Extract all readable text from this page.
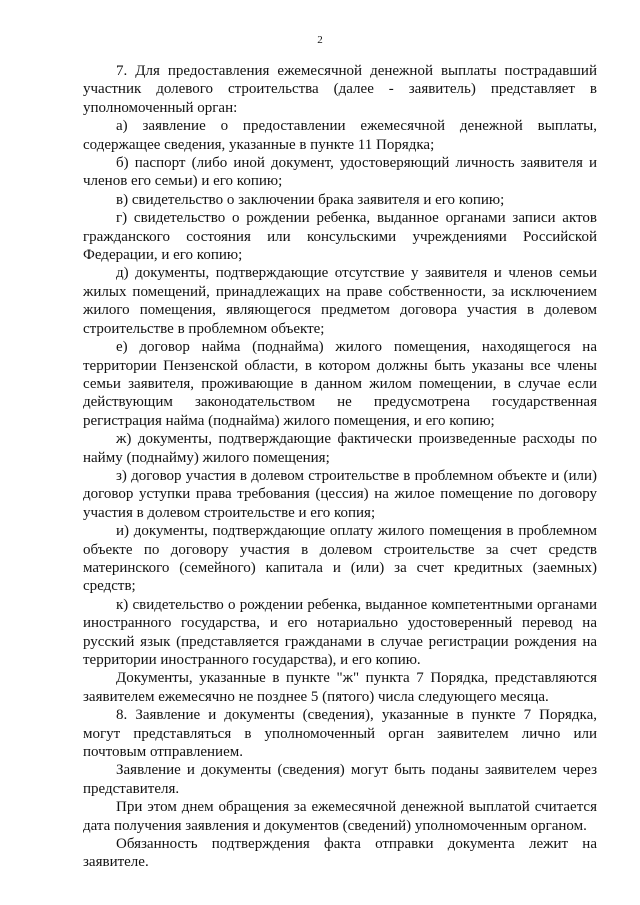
2

7. Для предоставления ежемесячной денежной выплаты пострадавший участник долевого строительства (далее - заявитель) представляет в уполномоченный орган:

а) заявление о предоставлении ежемесячной денежной выплаты, содержащее сведения, указанные в пункте 11 Порядка;

б) паспорт (либо иной документ, удостоверяющий личность заявителя и членов его семьи) и его копию;

в) свидетельство о заключении брака заявителя и его копию;

г) свидетельство о рождении ребенка, выданное органами записи актов гражданского состояния или консульскими учреждениями Российской Федерации, и его копию;

д) документы, подтверждающие отсутствие у заявителя и членов семьи жилых помещений, принадлежащих на праве собственности, за исключением жилого помещения, являющегося предметом договора участия в долевом строительстве в проблемном объекте;

е) договор найма (поднайма) жилого помещения, находящегося на территории Пензенской области, в котором должны быть указаны все члены семьи заявителя, проживающие в данном жилом помещении, в случае если действующим законодательством не предусмотрена государственная регистрация найма (поднайма) жилого помещения, и его копию;

ж) документы, подтверждающие фактически произведенные расходы по найму (поднайму) жилого помещения;

з) договор участия в долевом строительстве в проблемном объекте и (или) договор уступки права требования (цессия) на жилое помещение по договору участия в долевом строительстве и его копия;

и) документы, подтверждающие оплату жилого помещения в проблемном объекте по договору участия в долевом строительстве за счет средств материнского (семейного) капитала и (или) за счет кредитных (заемных) средств;

к) свидетельство о рождении ребенка, выданное компетентными органами иностранного государства, и его нотариально удостоверенный перевод на русский язык (представляется гражданами в случае регистрации рождения на территории иностранного государства), и его копию.

Документы, указанные в пункте "ж" пункта 7 Порядка, представляются заявителем ежемесячно не позднее 5 (пятого) числа следующего месяца.

8. Заявление и документы (сведения), указанные в пункте 7 Порядка, могут представляться в уполномоченный орган заявителем лично или почтовым отправлением.

Заявление и документы (сведения) могут быть поданы заявителем через представителя.

При этом днем обращения за ежемесячной денежной выплатой считается дата получения заявления и документов (сведений) уполномоченным органом.

Обязанность подтверждения факта отправки документа лежит на заявителе.
